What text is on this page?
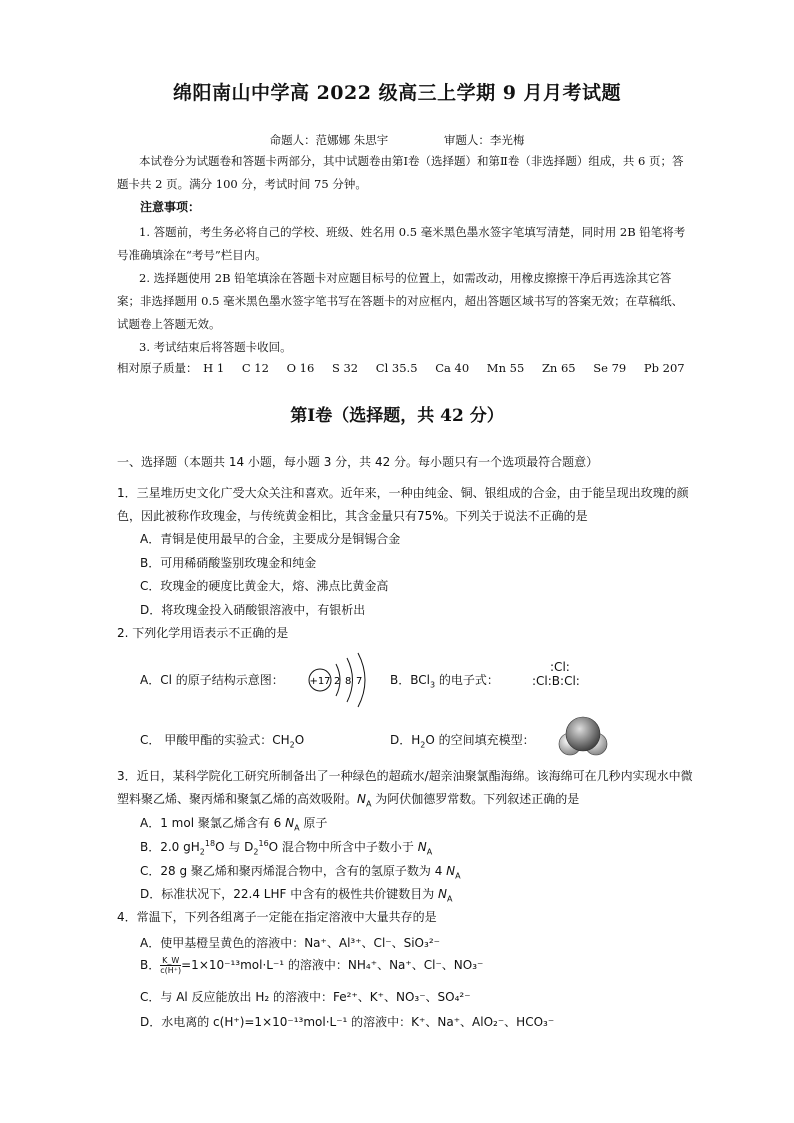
绵阳南山中学高 2022 级高三上学期 9 月月考试题
命题人：范娜娜 朱思宇	审题人：李光梅
本试卷分为试题卷和答题卡两部分，其中试题卷由第Ⅰ卷（选择题）和第Ⅱ卷（非选择题）组成，共 6 页；答题卡共 2 页。满分 100 分，考试时间 75 分钟。
注意事项：
1. 答题前，考生务必将自己的学校、班级、姓名用 0.5 毫米黑色墨水签字笔填写清楚，同时用 2B 铅笔将考号准确填涂在“考号”栏目内。
2. 选择题使用 2B 铅笔填涂在答题卡对应题目标号的位置上，如需改动，用橡皮擦擦干净后再选涂其它答案；非选择题用 0.5 毫米黑色墨水签字笔书写在答题卡的对应框内，超出答题区域书写的答案无效；在草稿纸、试题卷上答题无效。
3. 考试结束后将答题卡收回。
相对原子质量： H 1 C 12 O 16 S 32 Cl 35.5 Ca 40 Mn 55 Zn 65 Se 79 Pb 207
第Ⅰ卷（选择题，共 42 分）
一、选择题（本题共 14 小题，每小题 3 分，共 42 分。每小题只有一个选项最符合题意）
1．三星堆历史文化广受大众关注和喜欢。近年来，一种由纯金、铜、银组成的合金，由于能呈现出玫瑰的颜色，因此被称作玫瑰金，与传统黄金相比，其含金量只有75%。下列关于说法不正确的是
A．青铜是使用最早的合金，主要成分是铜锡合金
B．可用稀硝酸鉴别玫瑰金和纯金
C．玫瑰金的硬度比黄金大，熔、沸点比黄金高
D．将玫瑰金投入硝酸银溶液中，有银析出
2. 下列化学用语表示不正确的是
A．Cl 的原子结构示意图：	+17 2 8 7 B．BCl$_3$ 的电子式：
:Cl:
:Cl:B:Cl:
C． 甲酸甲酯的实验式：$CH_2O$	D．$H_2O$ 的空间填充模型：
3．近日，某科学院化工研究所制备出了一种绿色的超疏水/超亲油聚氯酯海绵。该海绵可在几秒内实现水中微塑料聚乙烯、聚丙烯和聚氯乙烯的高效吸附。$N_A$ 为阿伏伽德罗常数。下列叙述正确的是
A．1 mol 聚氯乙烯含有 6 $N_A$ 原子
B．2.0 $gH_2^{18}O$ 与 $D_2^{16}O$ 混合物中所含中子数小于 $N_A$
C．28 g 聚乙烯和聚丙烯混合物中，含有的氢原子数为 4 $N_A$
D．标准状况下，22.4 LHF 中含有的极性共价键数目为 $N_A$
4．常温下，下列各组离子一定能在指定溶液中大量共存的是
A．使甲基橙呈黄色的溶液中：Na⁺、Al³⁺、Cl⁻、SiO₃²⁻
B． $\frac{K\_W}{c(H^+)} =1\times 10^{-13}mol\cdot L^{-1}$ 的溶液中：NH₄⁺、Na⁺、Cl⁻、NO₃⁻
C．与 Al 反应能放出 H₂ 的溶液中：Fe²⁺、K⁺、NO₃⁻、SO₄²⁻
D．水电离的 c(H⁺)=1×10⁻¹³mol·L⁻¹ 的溶液中：K⁺、Na⁺、AlO₂⁻、HCO₃⁻
